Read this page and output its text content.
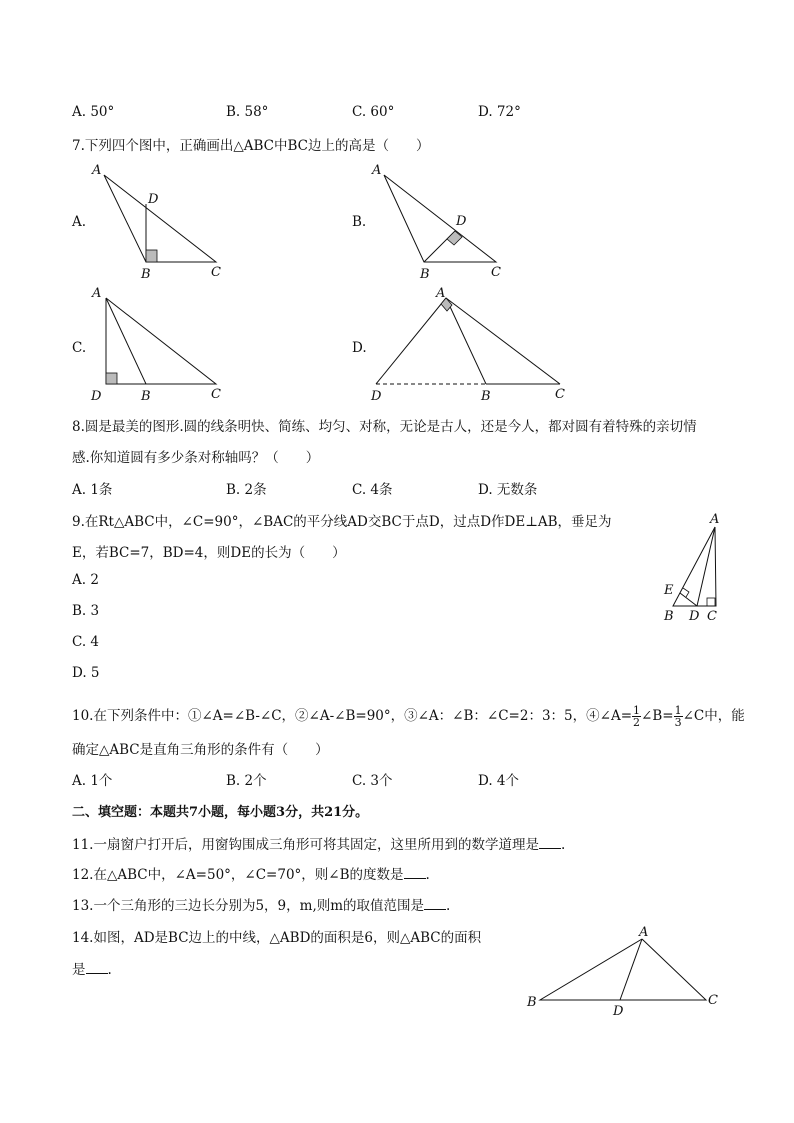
A. 50°	B. 58°	C. 60°	D. 72°
7.下列四个图中，正确画出△ABC中BC边上的高是（　　）
A.
A
D
B	C
B.
A
D
B	C
C.
A
D	B	C
D.
A
D	B	C
8.圆是最美的图形.圆的线条明快、简练、均匀、对称，无论是古人，还是今人，都对圆有着特殊的亲切情
感.你知道圆有多少条对称轴吗？（　　）
A. 1条	B. 2条	C. 4条	D. 无数条
9.在Rt△ABC中，∠C=90°，∠BAC的平分线AD交BC于点D，过点D作DE⊥AB，垂足为
E，若BC=7，BD=4，则DE的长为（　　）
A. 2
B. 3
C. 4
D. 5
A
E
B D C
10.在下列条件中：①∠A=∠B-∠C，②∠A-∠B=90°，③∠A：∠B：∠C=2：3：5，④∠A= $\frac{1}{2}$ ∠B= $\frac{1}{3}$ ∠C中，能
确定△ABC是直角三角形的条件有（　　）
A. 1个	B. 2个	C. 3个	D. 4个
二、填空题：本题共7小题，每小题3分，共21分。
11.一扇窗户打开后，用窗钩围成三角形可将其固定，这里所用到的数学道理是 .
12.在△ABC中，∠A=50°，∠C=70°，则∠B的度数是 .
13.一个三角形的三边长分别为5，9，m,则m的取值范围是 .
14.如图，AD是BC边上的中线，△ABD的面积是6，则△ABC的面积
是 .
A
B
D
C
